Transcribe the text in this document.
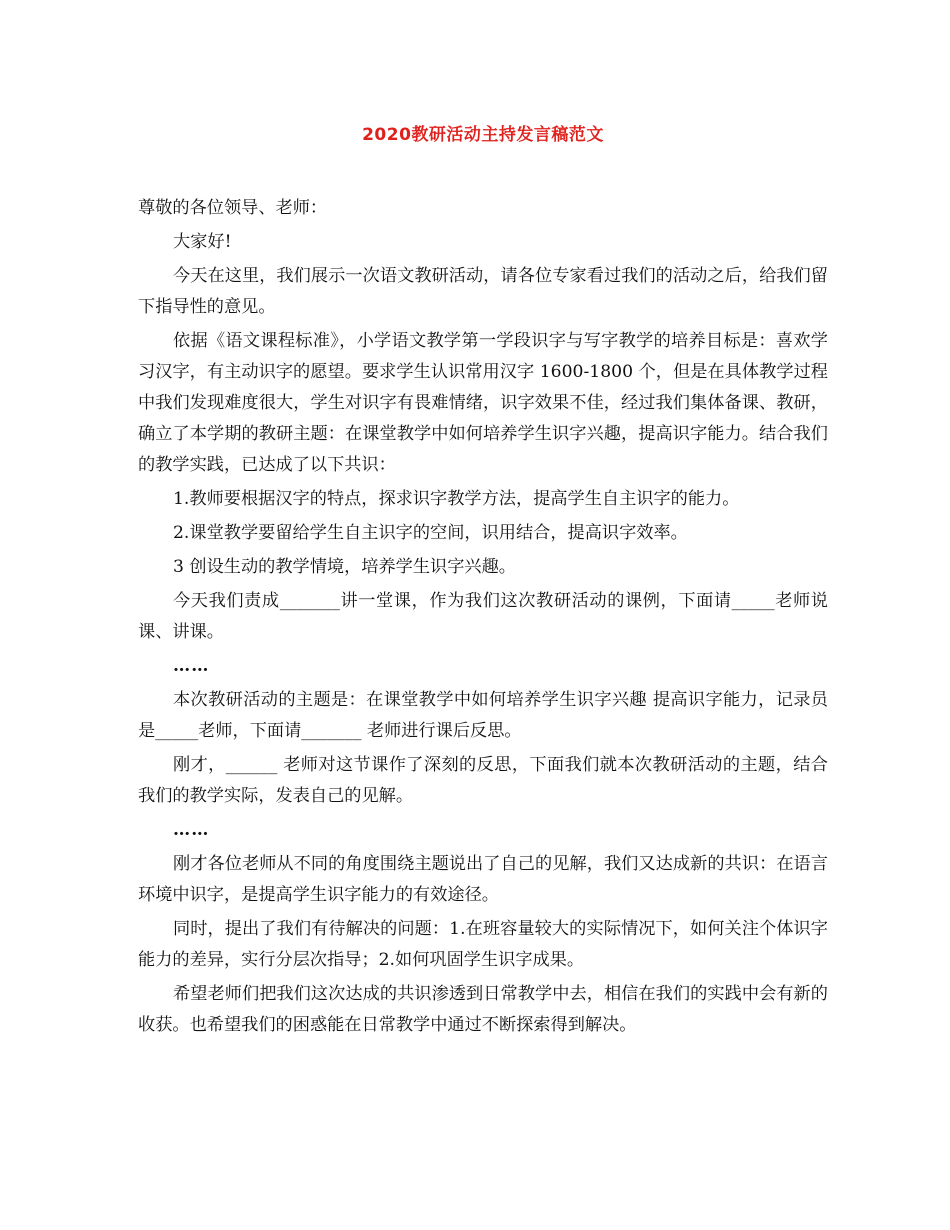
2020教研活动主持发言稿范文

尊敬的各位领导、老师：

大家好!

今天在这里，我们展示一次语文教研活动，请各位专家看过我们的活动之后，给我们留下指导性的意见。

依据《语文课程标准》，小学语文教学第一学段识字与写字教学的培养目标是：喜欢学习汉字，有主动识字的愿望。要求学生认识常用汉字 1600-1800 个，但是在具体教学过程中我们发现难度很大，学生对识字有畏难情绪，识字效果不佳，经过我们集体备课、教研，确立了本学期的教研主题：在课堂教学中如何培养学生识字兴趣，提高识字能力。结合我们的教学实践，已达成了以下共识：

1.教师要根据汉字的特点，探求识字教学方法，提高学生自主识字的能力。

2.课堂教学要留给学生自主识字的空间，识用结合，提高识字效率。

3 创设生动的教学情境，培养学生识字兴趣。

今天我们责成_______讲一堂课，作为我们这次教研活动的课例，下面请_____老师说课、讲课。

……

本次教研活动的主题是：在课堂教学中如何培养学生识字兴趣 提高识字能力，记录员是_____老师，下面请_______ 老师进行课后反思。

刚才，______ 老师对这节课作了深刻的反思，下面我们就本次教研活动的主题，结合我们的教学实际，发表自己的见解。

……

刚才各位老师从不同的角度围绕主题说出了自己的见解，我们又达成新的共识：在语言环境中识字，是提高学生识字能力的有效途径。

同时，提出了我们有待解决的问题：1.在班容量较大的实际情况下，如何关注个体识字能力的差异，实行分层次指导；2.如何巩固学生识字成果。

希望老师们把我们这次达成的共识渗透到日常教学中去，相信在我们的实践中会有新的收获。也希望我们的困惑能在日常教学中通过不断探索得到解决。
